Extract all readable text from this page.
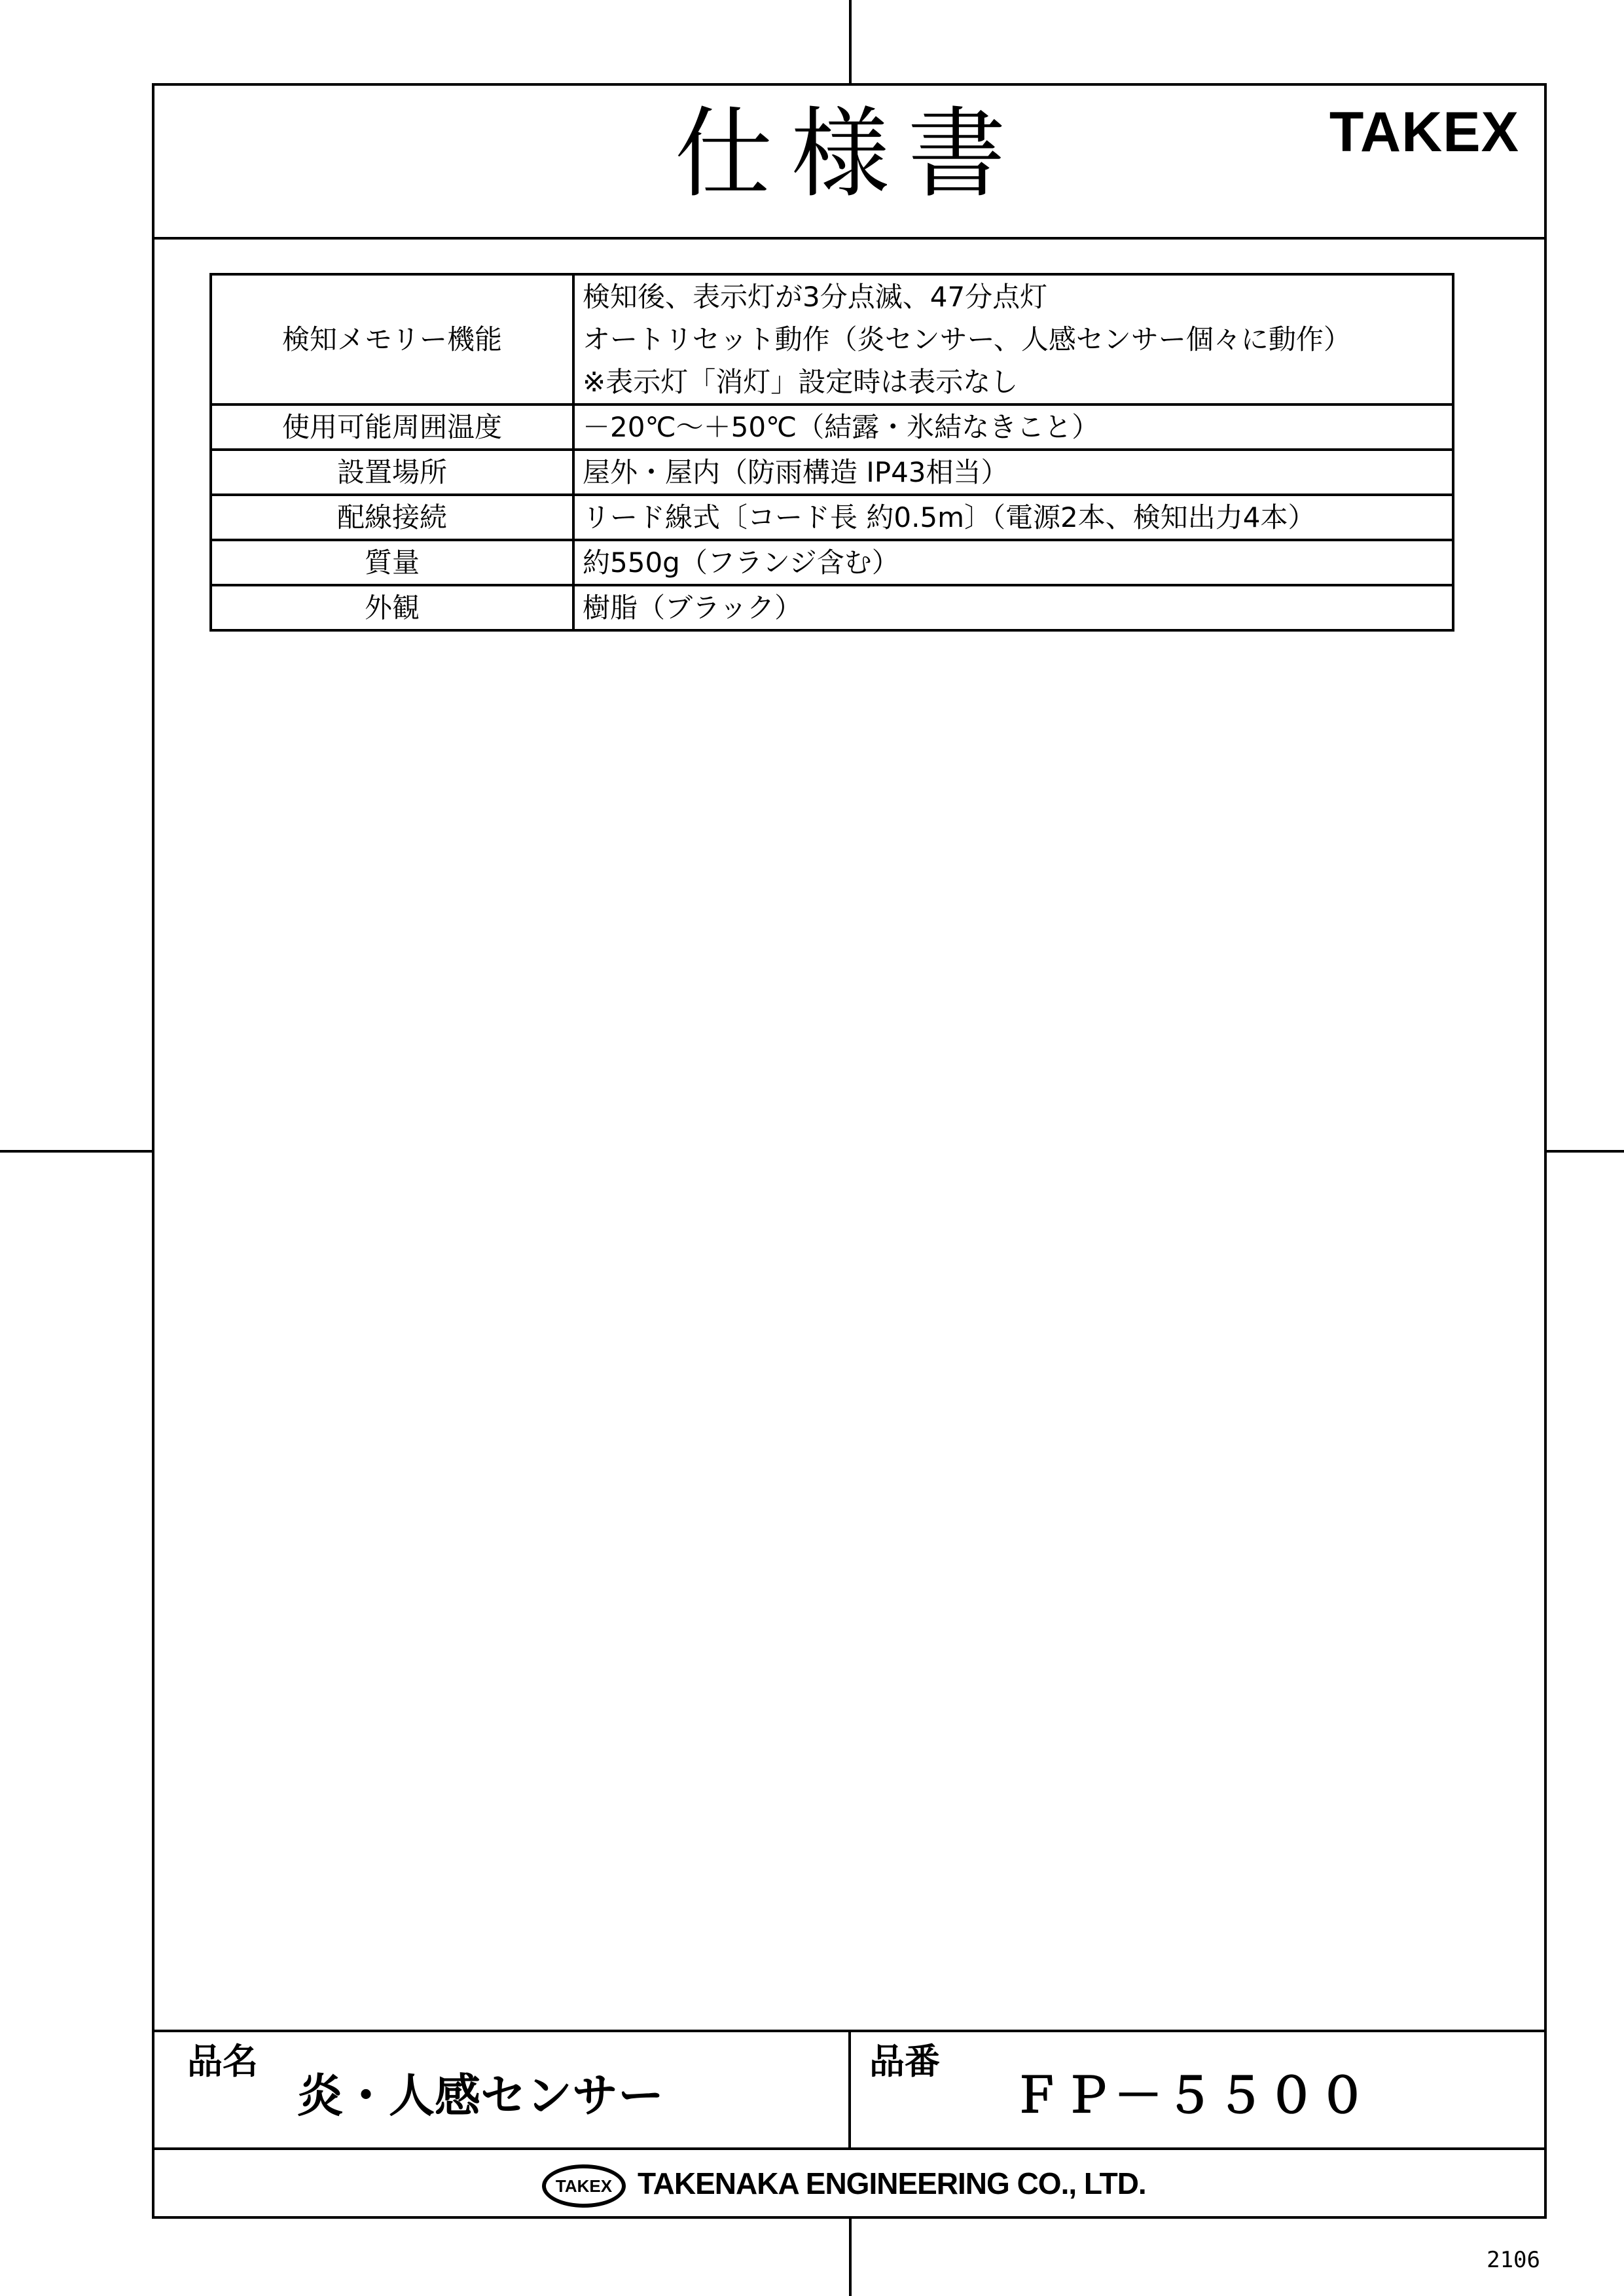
仕様書	TAKEX
検知メモリー機能	検知後、表示灯が3分点滅、47分点灯
オートリセット動作（炎センサー、人感センサー個々に動作）
※表示灯「消灯」設定時は表示なし

使用可能周囲温度	－20℃～＋50℃（結露・氷結なきこと）
設置場所	屋外・屋内（防雨構造 IP43相当）
配線接続	リード線式〔コード長 約0.5m〕（電源2本、検知出力4本）
質量	約550g（フランジ含む）
外観	樹脂（ブラック）
品名
炎・人感センサー
品番
ＦＰ－５５００
TAKEX TAKENAKA ENGINEERING CO., LTD.
2106
